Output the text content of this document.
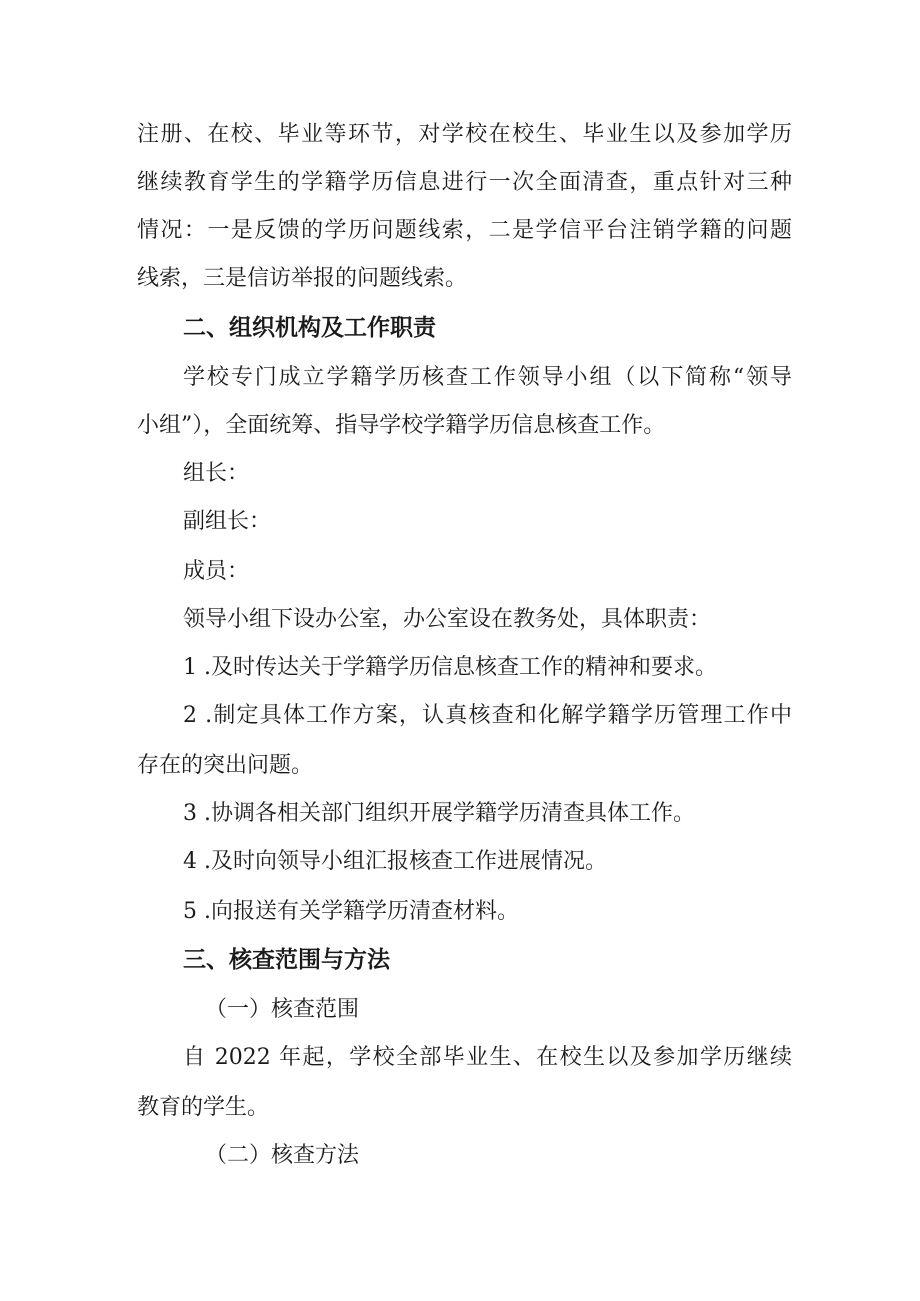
注册、在校、毕业等环节，对学校在校生、毕业生以及参加学历
继续教育学生的学籍学历信息进行一次全面清查，重点针对三种
情况：一是反馈的学历问题线索，二是学信平台注销学籍的问题
线索，三是信访举报的问题线索。
二、组织机构及工作职责
学校专门成立学籍学历核查工作领导小组（以下简称“领导
小组”），全面统筹、指导学校学籍学历信息核查工作。
组长：
副组长：
成员：
领导小组下设办公室，办公室设在教务处，具体职责：
1 .及时传达关于学籍学历信息核查工作的精神和要求。
2 .制定具体工作方案，认真核查和化解学籍学历管理工作中
存在的突出问题。
3 .协调各相关部门组织开展学籍学历清查具体工作。
4 .及时向领导小组汇报核查工作进展情况。
5 .向报送有关学籍学历清查材料。
三、核查范围与方法
（一）核查范围
自 2022 年起，学校全部毕业生、在校生以及参加学历继续
教育的学生。
（二）核查方法
